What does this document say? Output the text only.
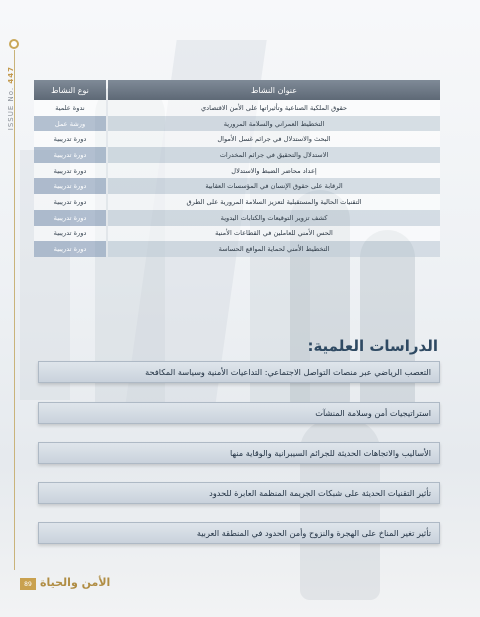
ISSUE No. 447
نوع النشاط	عنوان النشاط
ندوة علمية	حقوق الملكية الصناعية وتأثيراتها على الأمن الاقتصادي
ورشة عمل	التخطيط العمراني والسلامة المرورية
دورة تدريبية	البحث والاستدلال في جرائم غسل الأموال
دورة تدريبية	الاستدلال والتحقيق في جرائم المخدرات
دورة تدريبية	إعداد محاضر الضبط والاستدلال
دورة تدريبية	الرقابة على حقوق الإنسان في المؤسسات العقابية
دورة تدريبية	التقنيات الحالية والمستقبلية لتعزيز السلامة المرورية على الطرق
دورة تدريبية	كشف تزوير التوقيعات والكتابات اليدوية
دورة تدريبية	الحس الأمني للعاملين في القطاعات الأمنية
دورة تدريبية	التخطيط الأمني لحماية المواقع الحساسة
الدراسات العلمية:
التعصب الرياضي عبر منصات التواصل الاجتماعي: التداعيات الأمنية وسياسة المكافحة
استراتيجيات أمن وسلامة المنشآت
الأساليب والاتجاهات الحديثة للجرائم السيبرانية والوقاية منها
تأثير التقنيات الحديثة على شبكات الجريمة المنظمة العابرة للحدود
تأثير تغير المناخ على الهجرة والنزوح وأمن الحدود في المنطقة العربية
89 الأمن والحياة
